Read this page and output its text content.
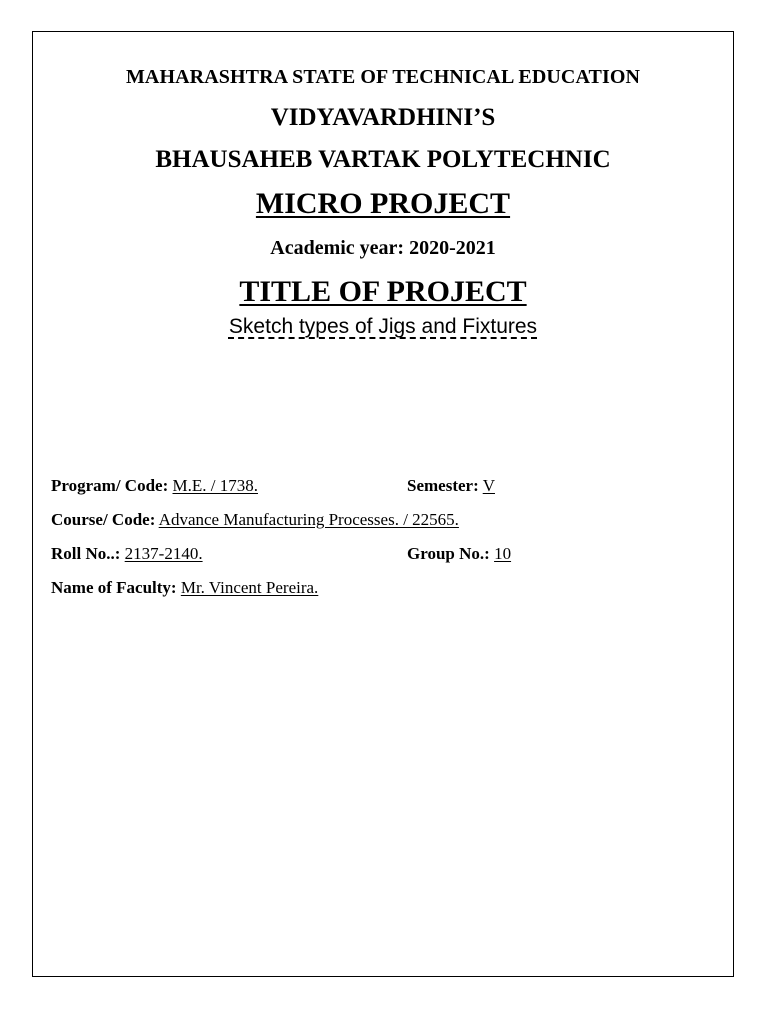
MAHARASHTRA STATE OF TECHNICAL EDUCATION
VIDYAVARDHINI’S
BHAUSAHEB VARTAK POLYTECHNIC
MICRO PROJECT
Academic year: 2020-2021
TITLE OF PROJECT
Sketch types of Jigs and Fixtures
Program/ Code: M.E. / 1738.	Semester: V
Course/ Code: Advance Manufacturing Processes. / 22565.
Roll No..: 2137-2140.	Group No.: 10
Name of Faculty: Mr. Vincent Pereira.
